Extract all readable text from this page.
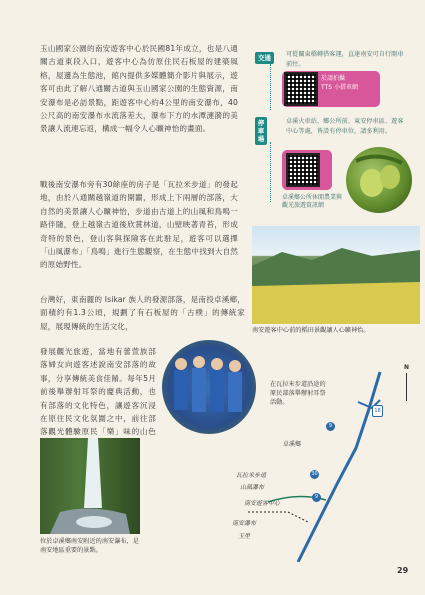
玉山國家公園的南安遊客中心於民國81年成立，也是八通關古道東段入口，遊客中心為仿原住民石板屋的建築風格，屋邊為生態池，館內提供多媒體簡介影片與展示，遊客可由此了解八通關古道與玉山國家公園的生態資源，南安瀑布是必訪景點，距遊客中心約4公里的南安瀑布，40公尺高的南安瀑布水流落差大，瀑布下方的水潭漣漪的美景讓人流連忘返，構成一幅令人心曠神怡的畫面。

戰後南安瀑布旁有30餘座的房子是「瓦拉米步道」的發起地，由於八通關越嶺道的開闢，形成上下兩層的部落，大自然的美景讓人心曠神怡，步道由古道上的山風和鳥鳴一路伴隨，登上越嶺古道後欣賞林道，山壁映著青苔，形成奇特的景色，登山客與探險客在此駐足，遊客可以選擇「山風瀑布」「鳥鳴」進行生態觀察，在生態中找到大自然的原始野性。

台灣好，東南麗的 Isikar 族人的發源部落，是南投卓溪鄉，面積約有1.3公頃，規劃了有石板屋的「古樸」的傳統家屋，展現傳統的生活文化，

發展觀光旅遊，當地有蕾萱族部落婦女向遊客述說南安部落的故事，分享傳統美食佳餚。每年5月前後舉辦射耳祭的慶典活動，也有部落的文化特色，讓遊客沉浸在原住民文化氛圍之中，前往部落觀光體驗原民「樂」味的山色

交通	可從關東橋轉搭客運，直達南安可自行開車前往。
於請拍攝
TTS 小搭車網
停車場
卓溪火車站、鄉公所前、東安停車區、遊客中心等處，皆設有停車位，請多利用。
卓溪鄉公所休閒農業與觀光旅遊資訊網
南安遊客中心前的稻田景觀讓人心曠神怡。
在瓦拉米步道沿途的原民部落舉辦射耳祭活動。
位於卓溪鄉南安附近的南安瀑布，是南安地區重要的景點。
N
18
9
30
9
卓溪鄉
瓦拉米步道
山風瀑布
南安遊客中心
南安瀑布
玉里
29
